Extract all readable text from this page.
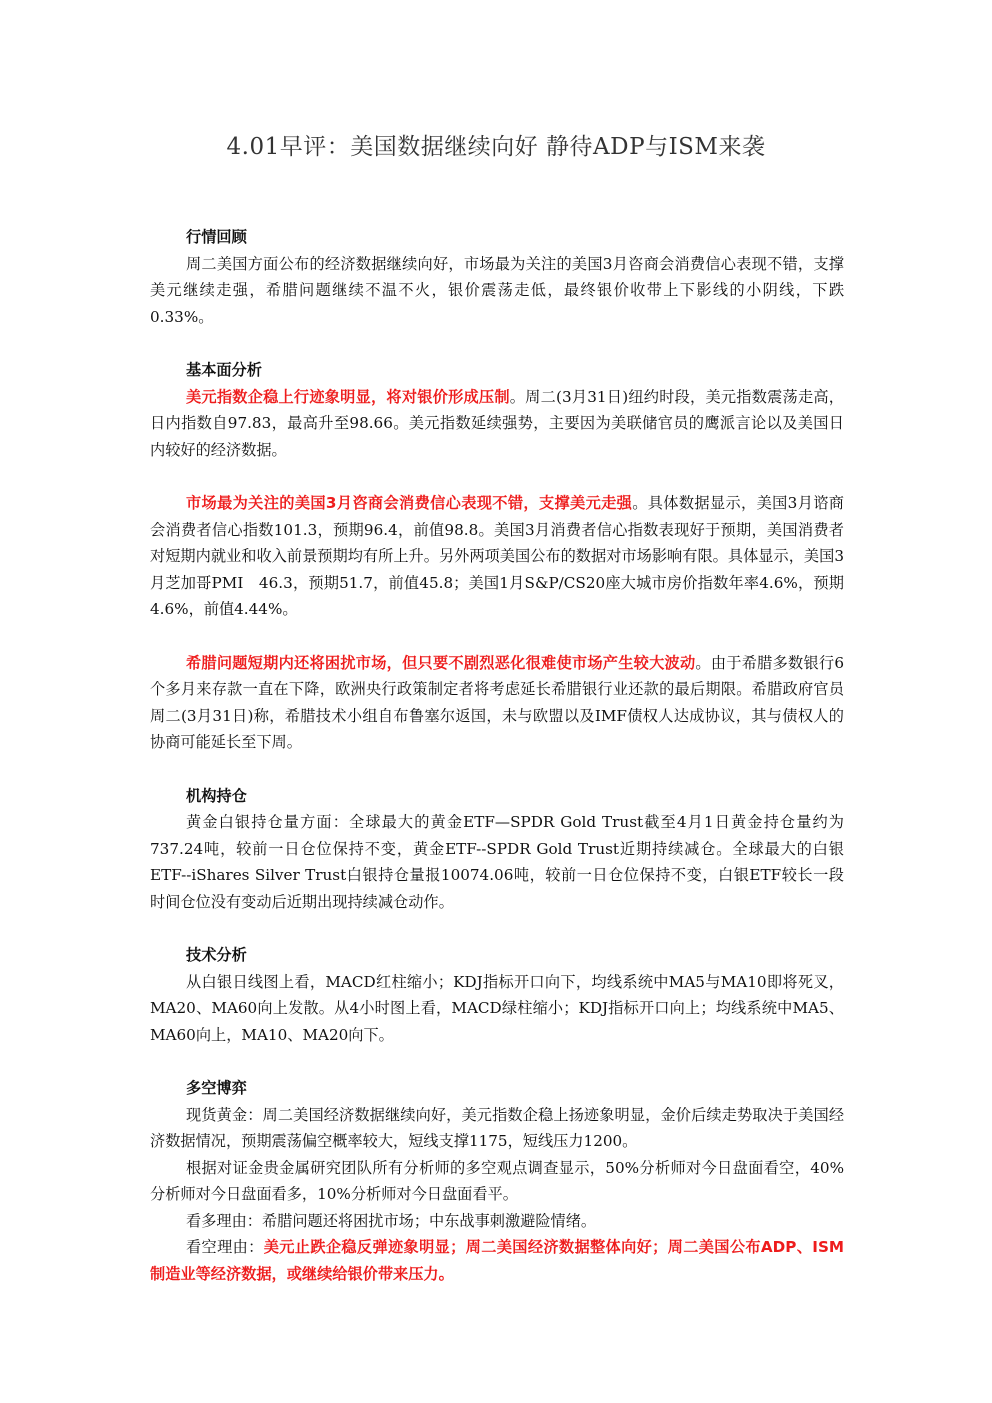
4.01早评：美国数据继续向好 静待ADP与ISM来袭
行情回顾

周二美国方面公布的经济数据继续向好，市场最为关注的美国3月咨商会消费信心表现不错，支撑美元继续走强，希腊问题继续不温不火，银价震荡走低，最终银价收带上下影线的小阴线，下跌0.33%。

基本面分析

美元指数企稳上行迹象明显，将对银价形成压制。周二(3月31日)纽约时段，美元指数震荡走高，日内指数自97.83，最高升至98.66。美元指数延续强势，主要因为美联储官员的鹰派言论以及美国日内较好的经济数据。

市场最为关注的美国3月咨商会消费信心表现不错，支撑美元走强。具体数据显示，美国3月谘商会消费者信心指数101.3，预期96.4，前值98.8。美国3月消费者信心指数表现好于预期，美国消费者对短期内就业和收入前景预期均有所上升。另外两项美国公布的数据对市场影响有限。具体显示，美国3月芝加哥PMI　46.3，预期51.7，前值45.8；美国1月S&P/CS20座大城市房价指数年率4.6%，预期4.6%，前值4.44%。

希腊问题短期内还将困扰市场，但只要不剧烈恶化很难使市场产生较大波动。由于希腊多数银行6个多月来存款一直在下降，欧洲央行政策制定者将考虑延长希腊银行业还款的最后期限。希腊政府官员周二(3月31日)称，希腊技术小组自布鲁塞尔返国，未与欧盟以及IMF债权人达成协议，其与债权人的协商可能延长至下周。

机构持仓

黄金白银持仓量方面：全球最大的黄金ETF—SPDR Gold Trust截至4月1日黄金持仓量约为737.24吨，较前一日仓位保持不变，黄金ETF--SPDR Gold Trust近期持续减仓。全球最大的白银ETF--iShares Silver Trust白银持仓量报10074.06吨，较前一日仓位保持不变，白银ETF较长一段时间仓位没有变动后近期出现持续减仓动作。

技术分析

从白银日线图上看，MACD红柱缩小；KDJ指标开口向下，均线系统中MA5与MA10即将死叉，MA20、MA60向上发散。从4小时图上看，MACD绿柱缩小；KDJ指标开口向上；均线系统中MA5、MA60向上，MA10、MA20向下。

多空博弈

现货黄金：周二美国经济数据继续向好，美元指数企稳上扬迹象明显，金价后续走势取决于美国经济数据情况，预期震荡偏空概率较大，短线支撑1175，短线压力1200。

根据对证金贵金属研究团队所有分析师的多空观点调查显示，50%分析师对今日盘面看空，40%分析师对今日盘面看多，10%分析师对今日盘面看平。

看多理由：希腊问题还将困扰市场；中东战事刺激避险情绪。

看空理由：美元止跌企稳反弹迹象明显；周二美国经济数据整体向好；周二美国公布ADP、ISM制造业等经济数据，或继续给银价带来压力。
